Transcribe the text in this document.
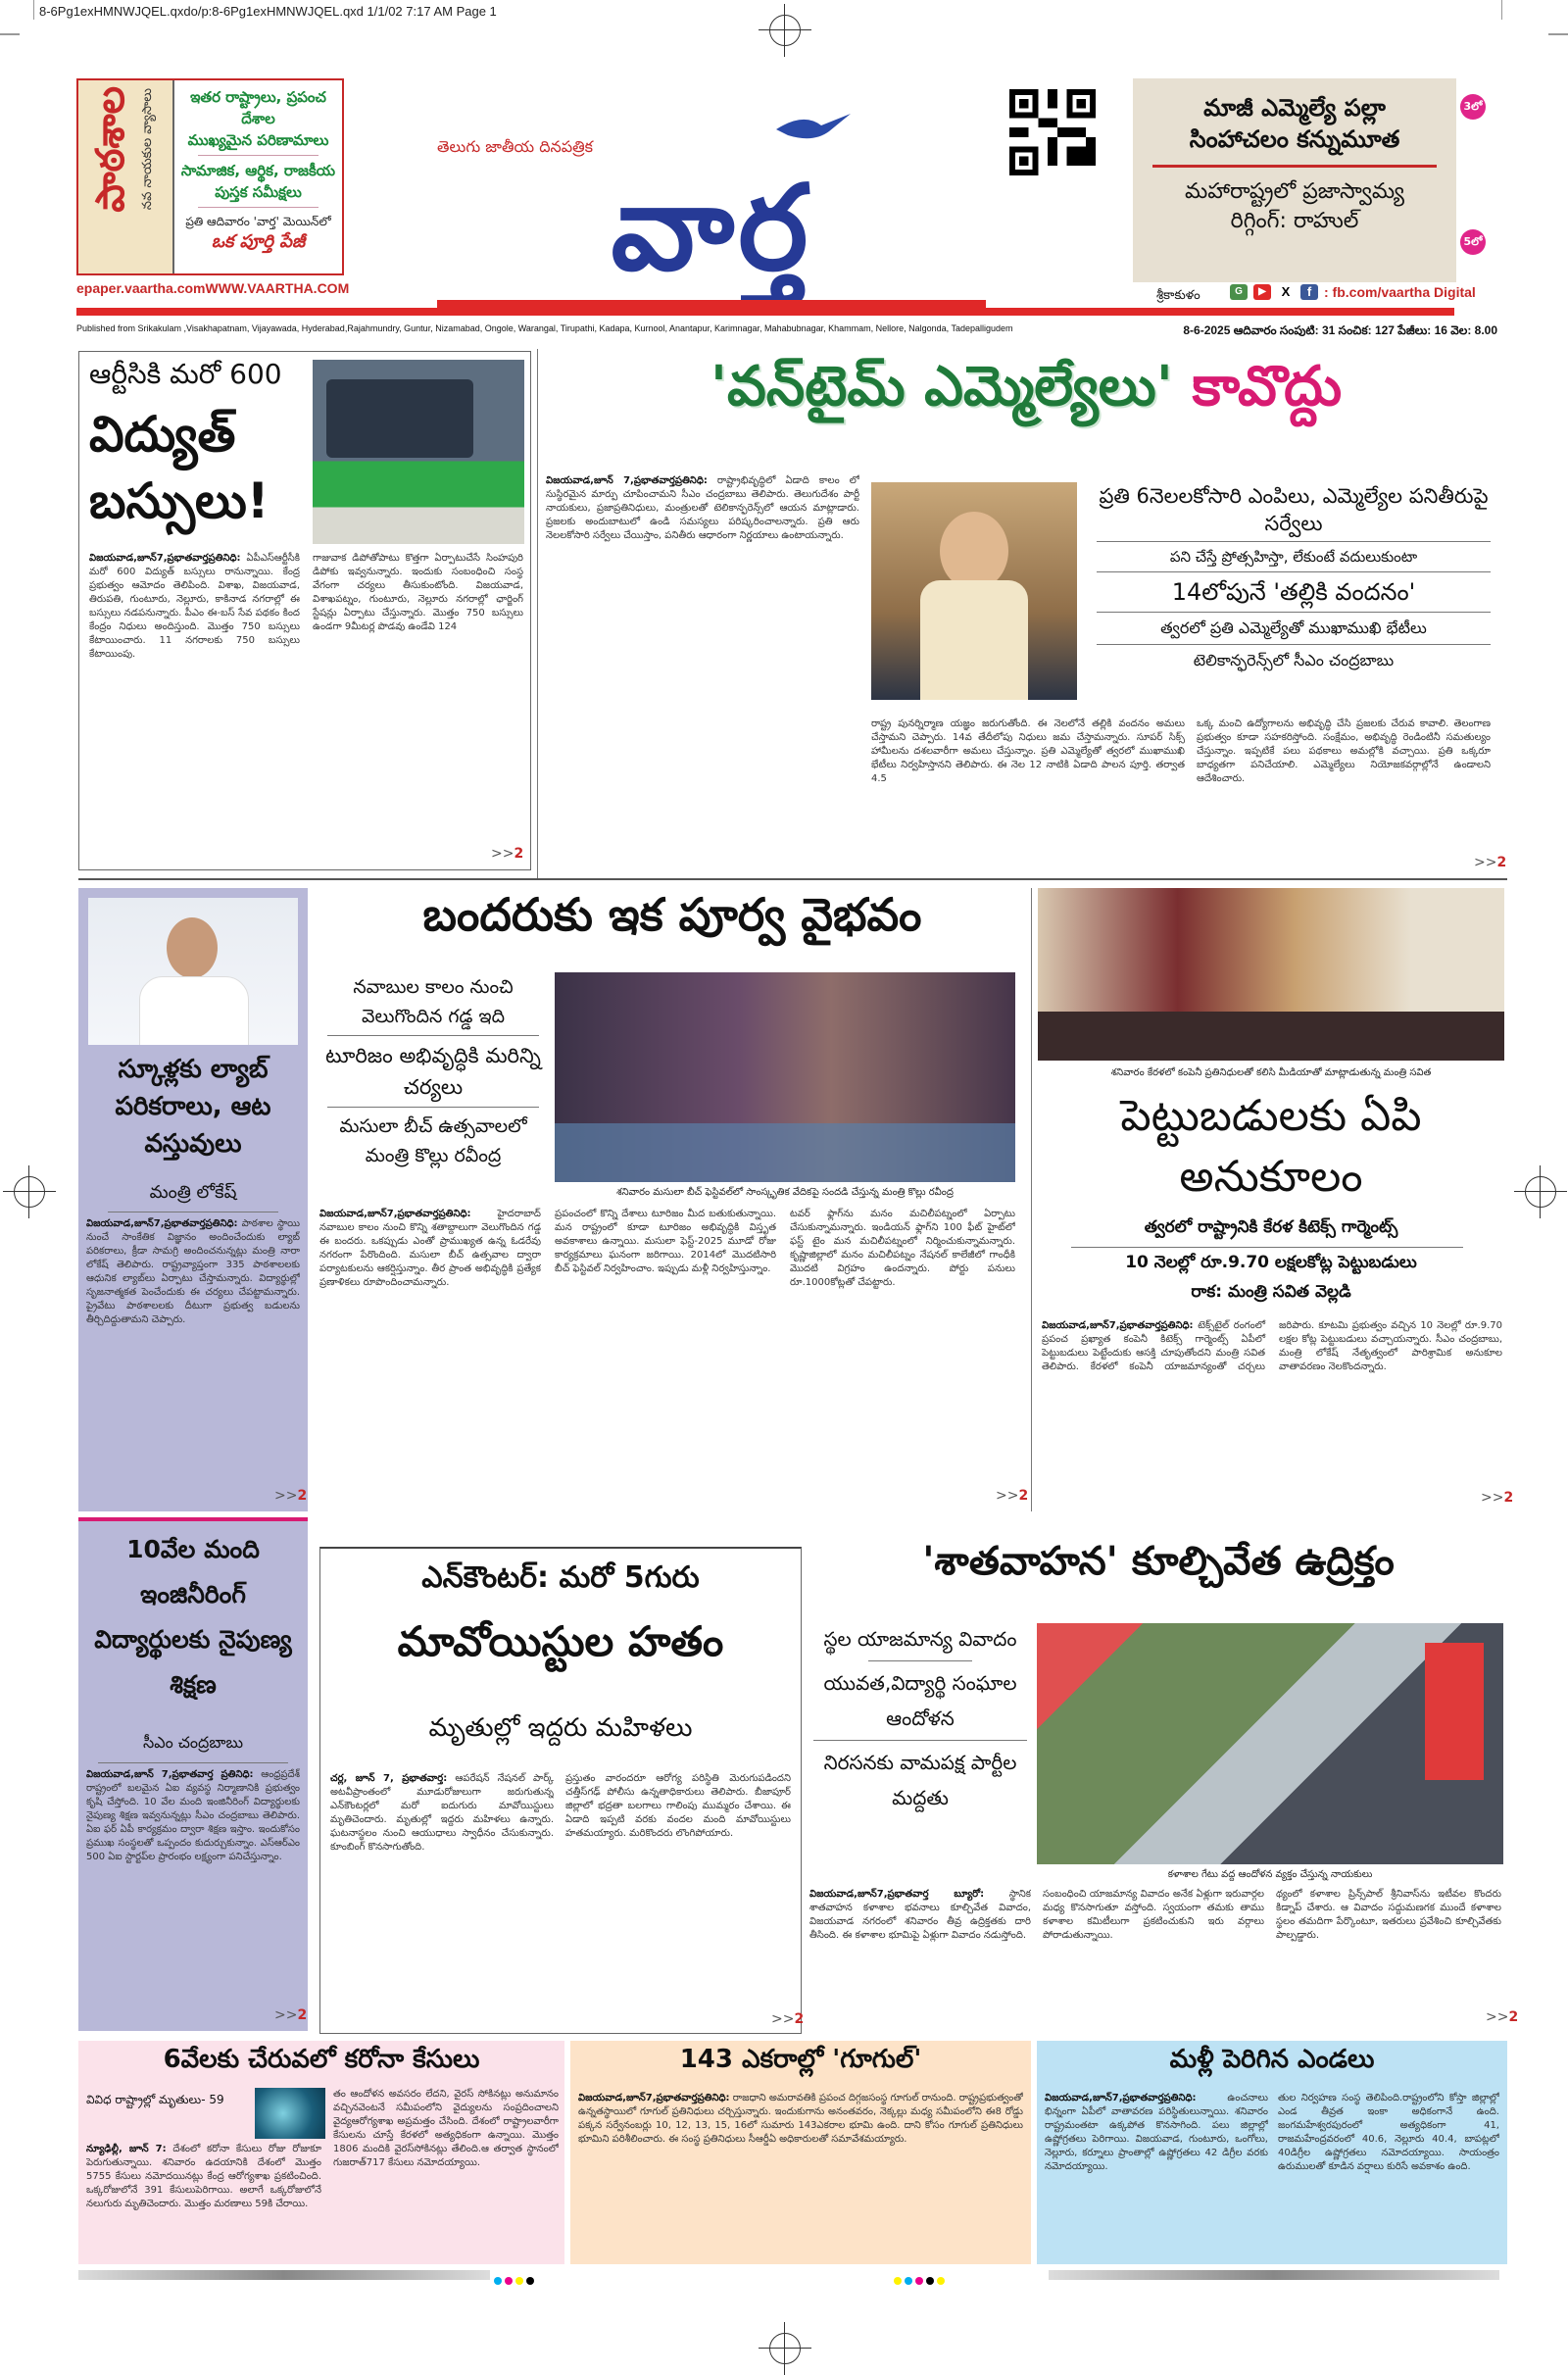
8-6Pg1exHMNWJQEL.qxdo/p:8-6Pg1exHMNWJQEL.qxd 1/1/02 7:17 AM Page 1
పాఠశాల నవ నాయకుల వ్యాసాలు	ఇతర రాష్ట్రాలు, ప్రపంచ దేశాల
ముఖ్యమైన పరిణామాలు
సామాజిక, ఆర్థిక, రాజకీయ
పుస్తక సమీక్షలు
ప్రతి ఆదివారం 'వార్త' మెయిన్‌లో
ఒక పూర్తి పేజీ
epaper.vaartha.com WWW.VAARTHA.COM
తెలుగు జాతీయ దినపత్రిక
వార్త
మాజీ ఎమ్మెల్యే పల్లా సింహాచలం కన్నుమూత
మహారాష్ట్రలో ప్రజాస్వామ్య రిగ్గింగ్: రాహుల్
3లో
5లో
శ్రీకాకుళం	G	▶	X	f : fb.com/vaartha Digital
Published from Srikakulam ,Visakhapatnam, Vijayawada, Hyderabad,Rajahmundry, Guntur, Nizamabad, Ongole, Warangal, Tirupathi, Kadapa, Kurnool, Anantapur, Karimnagar, Mahabubnagar, Khammam, Nellore, Nalgonda, Tadepalligudem	8-6-2025 ఆదివారం సంపుటి: 31 సంచిక: 127 పేజీలు: 16 వెల: 8.00
ఆర్టీసికి మరో 600
విద్యుత్ బస్సులు!
విజయవాడ,జూన్7,ప్రభాతవార్తప్రతినిధి: ఏపీఎస్ఆర్టీసీకి మరో 600 విద్యుత్ బస్సులు రానున్నాయి. కేంద్ర ప్రభుత్వం ఆమోదం తెలిపింది. విశాఖ, విజయవాడ, తిరుపతి, గుంటూరు, నెల్లూరు, కాకినాడ నగరాల్లో ఈ బస్సులు నడపనున్నారు. పీఎం ఈ-బస్ సేవ పథకం కింద కేంద్రం నిధులు అందిస్తుంది. మొత్తం 750 బస్సులు కేటాయించారు. 11 నగరాలకు 750 బస్సులు కేటాయింపు.
గాజువాక డిపోతోపాటు కొత్తగా ఏర్పాటుచేసే సింహపురి డిపోకు ఇవ్వనున్నారు. ఇందుకు సంబంధించి సంస్థ వేగంగా చర్యలు తీసుకుంటోంది. విజయవాడ, విశాఖపట్నం, గుంటూరు, నెల్లూరు నగరాల్లో ఛార్జింగ్ స్టేషన్లు ఏర్పాటు చేస్తున్నారు. మొత్తం 750 బస్సులు ఉండగా 9మీటర్ల పొడవు ఉండేవి 124
>>2
'వన్‌టైమ్ ఎమ్మెల్యేలు' కావొద్దు
విజయవాడ,జూన్ 7,ప్రభాతవార్తప్రతినిధి: రాష్ట్రాభివృద్ధిలో ఏడాది కాలం లో సుస్థిరమైన మార్పు చూపించామని సీఎం చంద్రబాబు తెలిపారు. తెలుగుదేశం పార్టీ నాయకులు, ప్రజాప్రతినిధులు, మంత్రులతో టెలికాన్ఫరెన్స్‌లో ఆయన మాట్లాడారు. ప్రజలకు అందుబాటులో ఉండి సమస్యలు పరిష్కరించాలన్నారు. ప్రతి ఆరు నెలలకోసారి సర్వేలు చేయిస్తాం, పనితీరు ఆధారంగా నిర్ణయాలు ఉంటాయన్నారు.
ప్రతి 6నెలలకోసారి ఎంపిలు, ఎమ్మెల్యేల పనితీరుపై సర్వేలు
పని చేస్తే ప్రోత్సహిస్తా, లేకుంటే వదులుకుంటా
14లోపునే 'తల్లికి వందనం'
త్వరలో ప్రతి ఎమ్మెల్యేతో ముఖాముఖి భేటీలు
టెలికాన్ఫరెన్స్‌లో సీఎం చంద్రబాబు
రాష్ట్ర పునర్నిర్మాణ యజ్ఞం జరుగుతోంది. ఈ నెలలోనే తల్లికి వందనం అమలు చేస్తామని చెప్పారు. 14వ తేదీలోపు నిధులు జమ చేస్తామన్నారు. సూపర్ సిక్స్ హామీలను దశలవారీగా అమలు చేస్తున్నాం. ప్రతి ఎమ్మెల్యేతో త్వరలో ముఖాముఖి భేటీలు నిర్వహిస్తానని తెలిపారు. ఈ నెల 12 నాటికి ఏడాది పాలన పూర్తి. తర్వాత 4.5
ఒక్క మంచి ఉద్యోగాలను అభివృద్ధి చేసి ప్రజలకు చేరువ కావాలి. తెలంగాణ ప్రభుత్వం కూడా సహకరిస్తోంది. సంక్షేమం, అభివృద్ధి రెండింటినీ సమతుల్యం చేస్తున్నాం. ఇప్పటికే పలు పథకాలు అమల్లోకి వచ్చాయి. ప్రతి ఒక్కరూ బాధ్యతగా పనిచేయాలి. ఎమ్మెల్యేలు నియోజకవర్గాల్లోనే ఉండాలని ఆదేశించారు.
>>2
స్కూళ్లకు ల్యాబ్ పరికరాలు, ఆట వస్తువులు
మంత్రి లోకేష్
విజయవాడ,జూన్7,ప్రభాతవార్తప్రతినిధి: పాఠశాల స్థాయి నుంచే సాంకేతిక విజ్ఞానం అందించేందుకు ల్యాబ్ పరికరాలు, క్రీడా సామగ్రి అందించనున్నట్లు మంత్రి నారా లోకేష్ తెలిపారు. రాష్ట్రవ్యాప్తంగా 335 పాఠశాలలకు ఆధునిక ల్యాబ్‌లు ఏర్పాటు చేస్తామన్నారు. విద్యార్థుల్లో సృజనాత్మకత పెంచేందుకు ఈ చర్యలు చేపట్టామన్నారు. ప్రైవేటు పాఠశాలలకు దీటుగా ప్రభుత్వ బడులను తీర్చిదిద్దుతామని చెప్పారు.
>>2
బందరుకు ఇక పూర్వ వైభవం
నవాబుల కాలం నుంచి వెలుగొందిన గడ్డ ఇది
టూరిజం అభివృద్ధికి మరిన్ని చర్యలు
మసులా బీచ్ ఉత్సవాలలో మంత్రి కొల్లు రవీంద్ర
శనివారం మసులా బీచ్ ఫెస్టివల్‌లో సాంస్కృతిక వేదికపై సందడి చేస్తున్న మంత్రి కొల్లు రవీంద్ర
విజయవాడ,జూన్7,ప్రభాతవార్తప్రతినిధి:	హైదరాబాద్ నవాబుల కాలం నుంచి కొన్ని శతాబ్దాలుగా వెలుగొందిన గడ్డ ఈ బందరు. ఒకప్పుడు ఎంతో ప్రాముఖ్యత ఉన్న ఓడరేవు నగరంగా పేరొందింది. మసులా బీచ్ ఉత్సవాల ద్వారా పర్యాటకులను ఆకర్షిస్తున్నాం. తీర ప్రాంత అభివృద్ధికి ప్రత్యేక ప్రణాళికలు రూపొందించామన్నారు.
ప్రపంచంలో కొన్ని దేశాలు టూరిజం మీద బతుకుతున్నాయి. మన రాష్ట్రంలో కూడా టూరిజం అభివృద్ధికి విస్తృత అవకాశాలు ఉన్నాయి. మసులా ఫెస్ట్-2025 మూడో రోజు కార్యక్రమాలు ఘనంగా జరిగాయి. 2014లో మొదటిసారి బీచ్ ఫెస్టివల్ నిర్వహించాం. ఇప్పుడు మళ్లీ నిర్వహిస్తున్నాం.
టవర్ ఫ్లాగ్‌ను మనం మచిలీపట్నంలో ఏర్పాటు చేసుకున్నామన్నారు. ఇండియన్ ఫ్లాగ్‌ని 100 ఫీట్ హైట్‌లో ఫస్ట్ టైం మన మచిలీపట్నంలో నిర్మించుకున్నామన్నారు. కృష్ణాజిల్లాలో మనం మచిలీపట్నం నేషనల్ కాలేజీలో గాంధీకి మొదటి విగ్రహం ఉందన్నారు. పోర్టు పనులు రూ.1000కోట్లతో చేపట్టారు.
>>2
శనివారం కేరళలో కంపెనీ ప్రతినిధులతో కలిసి మీడియాతో మాట్లాడుతున్న మంత్రి సవిత
పెట్టుబడులకు ఏపి అనుకూలం
త్వరలో రాష్ట్రానికి కేరళ కిటెక్స్ గార్మెంట్స్
10 నెలల్లో రూ.9.70 లక్షలకోట్ల పెట్టుబడులు
రాక: మంత్రి సవిత వెల్లడి
విజయవాడ,జూన్7,ప్రభాతవార్తప్రతినిధి: టెక్స్‌టైల్ రంగంలో ప్రపంచ ప్రఖ్యాత కంపెనీ కిటెక్స్ గార్మెంట్స్ ఏపీలో పెట్టుబడులు పెట్టేందుకు ఆసక్తి చూపుతోందని మంత్రి సవిత తెలిపారు. కేరళలో కంపెనీ యాజమాన్యంతో చర్చలు జరిపారు. కూటమి ప్రభుత్వం వచ్చిన 10 నెలల్లో రూ.9.70 లక్షల కోట్ల పెట్టుబడులు వచ్చాయన్నారు. సీఎం చంద్రబాబు, మంత్రి లోకేష్ నేతృత్వంలో పారిశ్రామిక అనుకూల వాతావరణం నెలకొందన్నారు.
>>2
10వేల మంది ఇంజినీరింగ్ విద్యార్థులకు నైపుణ్య శిక్షణ
సీఎం చంద్రబాబు
విజయవాడ,జూన్ 7,ప్రభాతవార్త ప్రతినిధి: ఆంధ్రప్రదేశ్ రాష్ట్రంలో బలమైన ఏఐ వ్యవస్థ నిర్మాణానికి ప్రభుత్వం కృషి చేస్తోంది. 10 వేల మంది ఇంజినీరింగ్ విద్యార్థులకు నైపుణ్య శిక్షణ ఇవ్వనున్నట్లు సీఎం చంద్రబాబు తెలిపారు. ఏఐ ఫర్ ఏపీ కార్యక్రమం ద్వారా శిక్షణ ఇస్తాం. ఇందుకోసం ప్రముఖ సంస్థలతో ఒప్పందం కుదుర్చుకున్నాం. ఎస్ఆర్ఎం 500 ఏఐ స్టార్టప్‌ల ప్రారంభం లక్ష్యంగా పనిచేస్తున్నాం.
>>2
ఎన్‌కౌంటర్: మరో 5గురు
మావోయిస్టుల హతం
మృతుల్లో ఇద్దరు మహిళలు
చర్ల, జూన్ 7, ప్రభాతవార్త: ఆపరేషన్ నేషనల్ పార్క్ అటవీప్రాంతంలో మూడురోజులుగా జరుగుతున్న ఎన్‌కౌంటర్లలో మరో ఐదుగురు మావోయిస్టులు మృతిచెందారు. మృతుల్లో ఇద్దరు మహిళలు ఉన్నారు. ఘటనాస్థలం నుంచి ఆయుధాలు స్వాధీనం చేసుకున్నారు. కూంబింగ్ కొనసాగుతోంది.
ప్రస్తుతం వారందరూ ఆరోగ్య పరిస్థితి మెరుగుపడిందని చత్తీస్‌గఢ్ పోలీసు ఉన్నతాధికారులు తెలిపారు. బీజాపూర్ జిల్లాలో భద్రతా బలగాలు గాలింపు ముమ్మరం చేశాయి. ఈ ఏడాది ఇప్పటి వరకు వందల మంది మావోయిస్టులు హతమయ్యారు. మరికొందరు లొంగిపోయారు.
>>2
'శాతవాహన' కూల్చివేత ఉద్రిక్తం
స్థల యాజమాన్య వివాదం
యువత,విద్యార్థి సంఘాల ఆందోళన
నిరసనకు వామపక్ష పార్టీల మద్దతు
కళాశాల గేటు వద్ద ఆందోళన వ్యక్తం చేస్తున్న నాయకులు
విజయవాడ,జూన్7,ప్రభాతవార్త బ్యూరో:	స్థానిక శాతవాహన కళాశాల భవనాలు కూల్చివేత వివాదం, విజయవాడ నగరంలో శనివారం తీవ్ర ఉద్రిక్తతకు దారి తీసింది. ఈ కళాశాల భూమిపై ఏళ్లుగా వివాదం నడుస్తోంది.
సంబంధించి యాజమాన్య వివాదం అనేక ఏళ్లుగా ఇరువార్గల మధ్య కొనసాగుతూ వస్తోంది. స్వయంగా తమకు తాము కళాశాల కమిటీలుగా ప్రకటించుకుని ఇరు వర్గాలు పోరాడుతున్నాయి.
థ్యంలో కళాశాల ప్రిన్స్‌పాల్ శ్రీనివాస్‌ను ఇటీవల కొందరు కిడ్నాప్ చేశారు. ఆ వివాదం సద్దుమణగక ముందే కళాశాల స్థలం తమదిగా పేర్కొంటూ, ఇతరులు ప్రవేశించి కూల్చివేతకు పాల్పడ్డారు.
>>2
6వేలకు చేరువలో కరోనా కేసులు
వివిధ రాష్ట్రాల్లో మృతులు- 59
న్యూఢిల్లీ, జూన్ 7: దేశంలో కరోనా కేసులు రోజు రోజుకూ పెరుగుతున్నాయి. శనివారం ఉదయానికి దేశంలో మొత్తం 5755 కేసులు నమోదయినట్లు కేంద్ర ఆరోగ్యశాఖ ప్రకటించింది. ఒక్కరోజులోనే 391 కేసులుపెరిగాయి. అలాగే ఒక్కరోజులోనే నలుగురు మృతిచెందారు. మొత్తం మరణాలు 59కి చేరాయి.
తం ఆందోళన అవసరం లేదని, వైరస్ సోకినట్లు అనుమానం వచ్చినవెంటనే సమీపంలోని వైద్యులను సంప్రదించాలని వైద్యఆరోగ్యశాఖ అప్రమత్తం చేసింది. దేశంలో రాష్ట్రాలవారీగా కేసులను చూస్తే కేరళలో అత్యధికంగా ఉన్నాయి. మొత్తం 1806 మందికి వైరస్‌సోకినట్లు తేలింది.ఆ తర్వాత స్థానంలో గుజరాత్717 కేసులు నమోదయ్యాయి.
143 ఎకరాల్లో 'గూగుల్'
విజయవాడ,జూన్7,ప్రభాతవార్తప్రతినిధి: రాజధాని అమరావతికి ప్రపంచ దిగ్గజసంస్థ గూగుల్ రానుంది. రాష్ట్రప్రభుత్వంతో ఉన్నతస్థాయిలో గూగుల్ ప్రతినిధులు చర్చిస్తున్నారు. ఇందుకుగాను అనంతవరం, నెక్కల్లు మధ్య సమీపంలోని ఈ8 రోడ్డు పక్కన సర్వేనంబర్లు 10, 12, 13, 15, 16లో సుమారు 143ఎకరాల భూమి ఉంది. దాని కోసం గూగుల్ ప్రతినిధులు భూమిని పరిశీలించారు. ఈ సంస్థ ప్రతినిధులు సీఆర్డీఏ అధికారులతో సమావేశమయ్యారు.
మళ్లీ పెరిగిన ఎండలు
విజయవాడ,జూన్7,ప్రభాతవార్తప్రతినిధి:	ఉంచనాలు భిన్నంగా ఏపీలో వాతావరణ పరిస్థితులున్నాయి. శనివారం రాష్ట్రమంతటా ఉక్కపోత కొనసాగింది. పలు జిల్లాల్లో ఉష్ణోగ్రతలు పెరిగాయి. విజయవాడ, గుంటూరు, ఒంగోలు, నెల్లూరు, కర్నూలు ప్రాంతాల్లో ఉష్ణోగ్రతలు 42 డిగ్రీల వరకు నమోదయ్యాయి.
తుల నిర్వహణ సంస్థ తెలిపింది.రాష్ట్రంలోని కోస్తా జిల్లాల్లో ఎండ తీవ్రత ఇంకా అధికంగానే ఉంది. జంగమహేశ్వరపురంలో అత్యధికంగా 41, రాజమహేంద్రవరంలో 40.6, నెల్లూరు 40.4, బాపట్లలో 40డిగ్రీల ఉష్ణోగ్రతలు నమోదయ్యాయి. సాయంత్రం ఉరుములతో కూడిన వర్షాలు కురిసే అవకాశం ఉంది.
